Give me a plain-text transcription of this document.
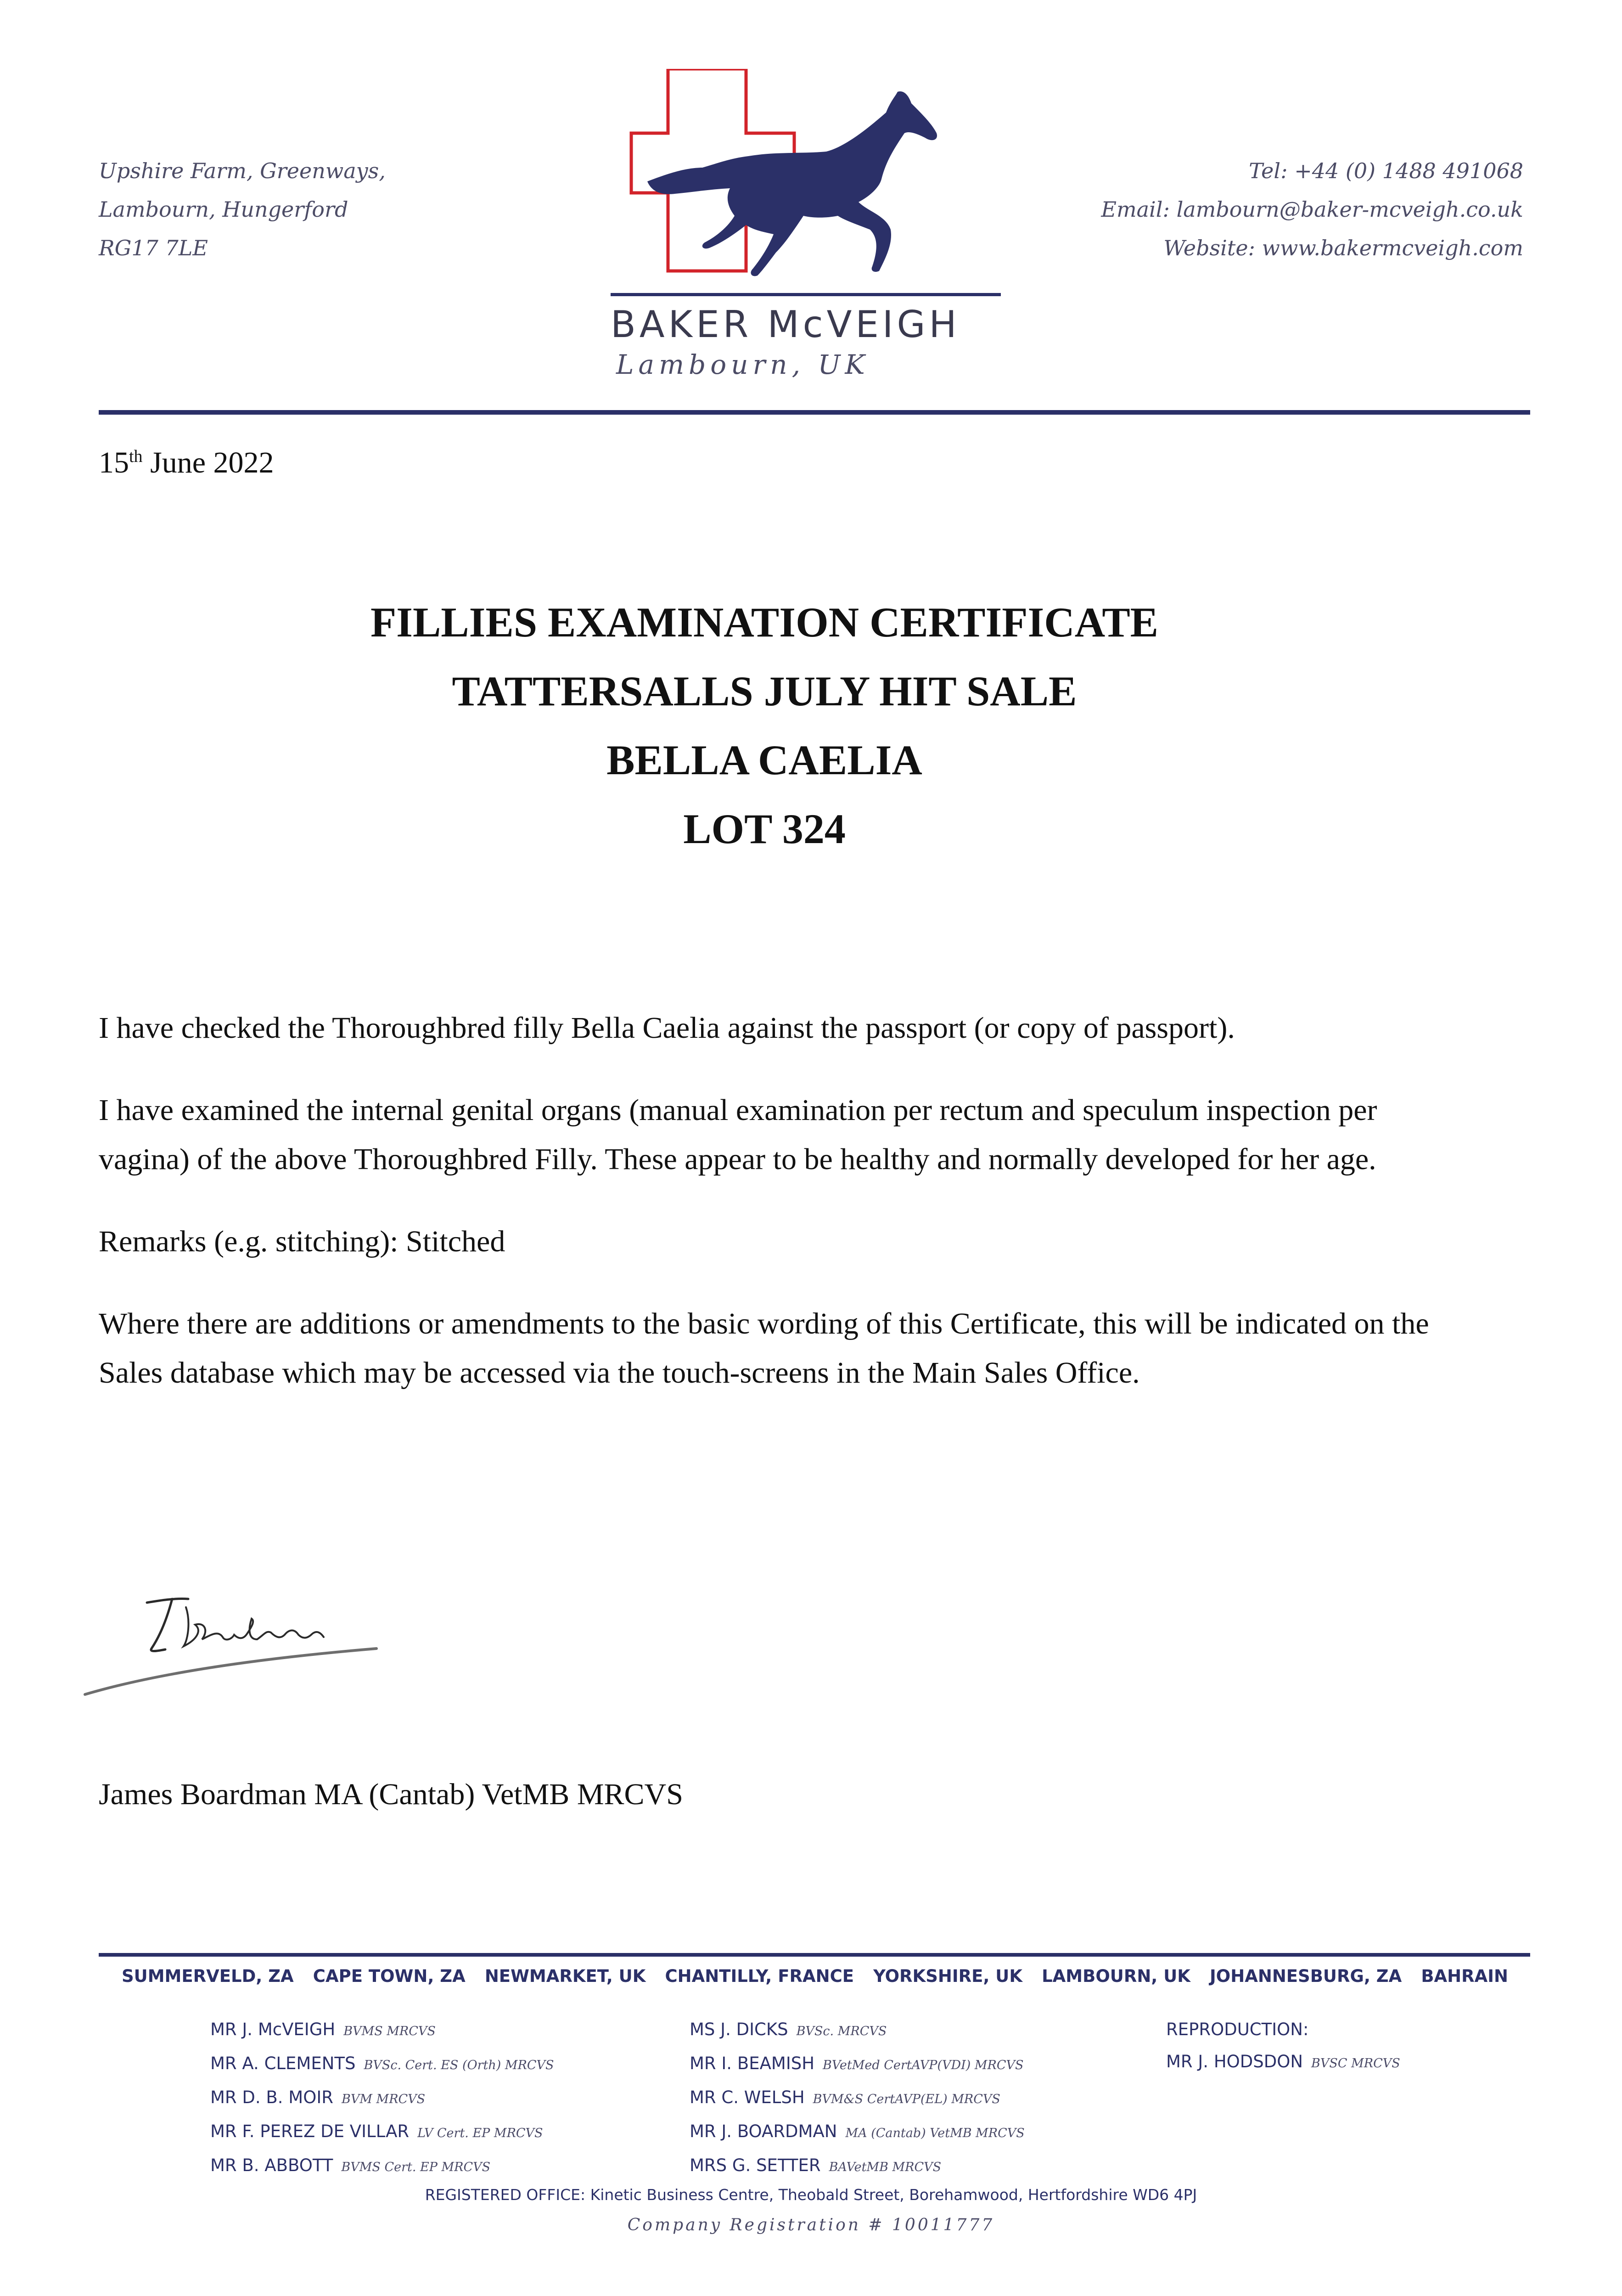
Upshire Farm, Greenways,
Lambourn, Hungerford
RG17 7LE
Tel: +44 (0) 1488 491068
Email: lambourn@baker-mcveigh.co.uk
Website: www.bakermcveigh.com
BAKER McVEIGH
Lambourn, UK
15th June 2022
FILLIES EXAMINATION CERTIFICATE
TATTERSALLS JULY HIT SALE
BELLA CAELIA
LOT 324

I have checked the Thoroughbred filly Bella Caelia against the passport (or copy of passport).

I have examined the internal genital organs (manual examination per rectum and speculum inspection per vagina) of the above Thoroughbred Filly. These appear to be healthy and normally developed for her age.

Remarks (e.g. stitching): Stitched

Where there are additions or amendments to the basic wording of this Certificate, this will be indicated on the Sales database which may be accessed via the touch-screens in the Main Sales Office.

James Boardman MA (Cantab) VetMB MRCVS
SUMMERVELD, ZA CAPE TOWN, ZA NEWMARKET, UK CHANTILLY, FRANCE YORKSHIRE, UK LAMBOURN, UK JOHANNESBURG, ZA BAHRAIN
MR J. McVEIGH BVMS MRCVS
MR A. CLEMENTS BVSc. Cert. ES (Orth) MRCVS
MR D. B. MOIR BVM MRCVS
MR F. PEREZ DE VILLAR LV Cert. EP MRCVS
MR B. ABBOTT BVMS Cert. EP MRCVS
MS J. DICKS BVSc. MRCVS
MR I. BEAMISH BVetMed CertAVP(VDI) MRCVS
MR C. WELSH BVM&S CertAVP(EL) MRCVS
MR J. BOARDMAN MA (Cantab) VetMB MRCVS
MRS G. SETTER BAVetMB MRCVS
REPRODUCTION:
MR J. HODSDON BVSC MRCVS
REGISTERED OFFICE: Kinetic Business Centre, Theobald Street, Borehamwood, Hertfordshire WD6 4PJ
Company Registration # 10011777
